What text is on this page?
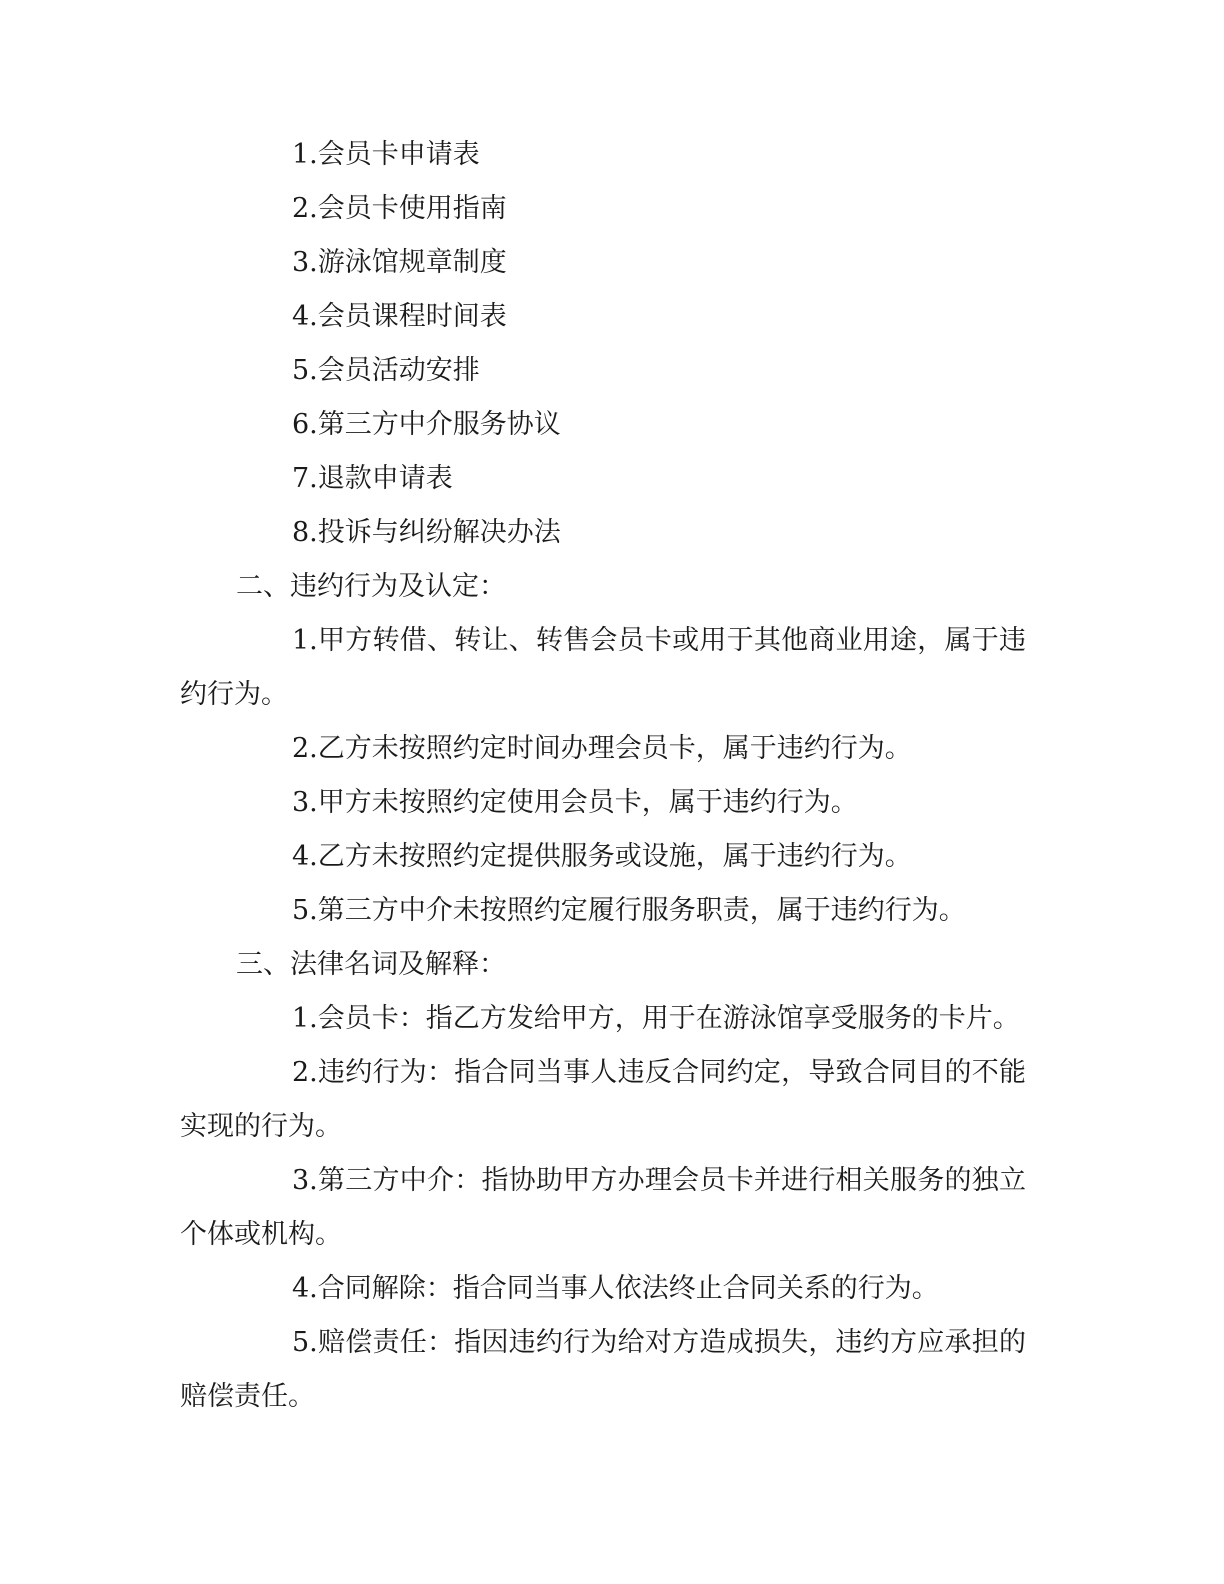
1.会员卡申请表

2.会员卡使用指南

3.游泳馆规章制度

4.会员课程时间表

5.会员活动安排

6.第三方中介服务协议

7.退款申请表

8.投诉与纠纷解决办法

二、违约行为及认定：

1.甲方转借、转让、转售会员卡或用于其他商业用途，属于违约行为。

2.乙方未按照约定时间办理会员卡，属于违约行为。

3.甲方未按照约定使用会员卡，属于违约行为。

4.乙方未按照约定提供服务或设施，属于违约行为。

5.第三方中介未按照约定履行服务职责，属于违约行为。

三、法律名词及解释：

1.会员卡：指乙方发给甲方，用于在游泳馆享受服务的卡片。

2.违约行为：指合同当事人违反合同约定，导致合同目的不能实现的行为。

3.第三方中介：指协助甲方办理会员卡并进行相关服务的独立个体或机构。

4.合同解除：指合同当事人依法终止合同关系的行为。

5.赔偿责任：指因违约行为给对方造成损失，违约方应承担的赔偿责任。
